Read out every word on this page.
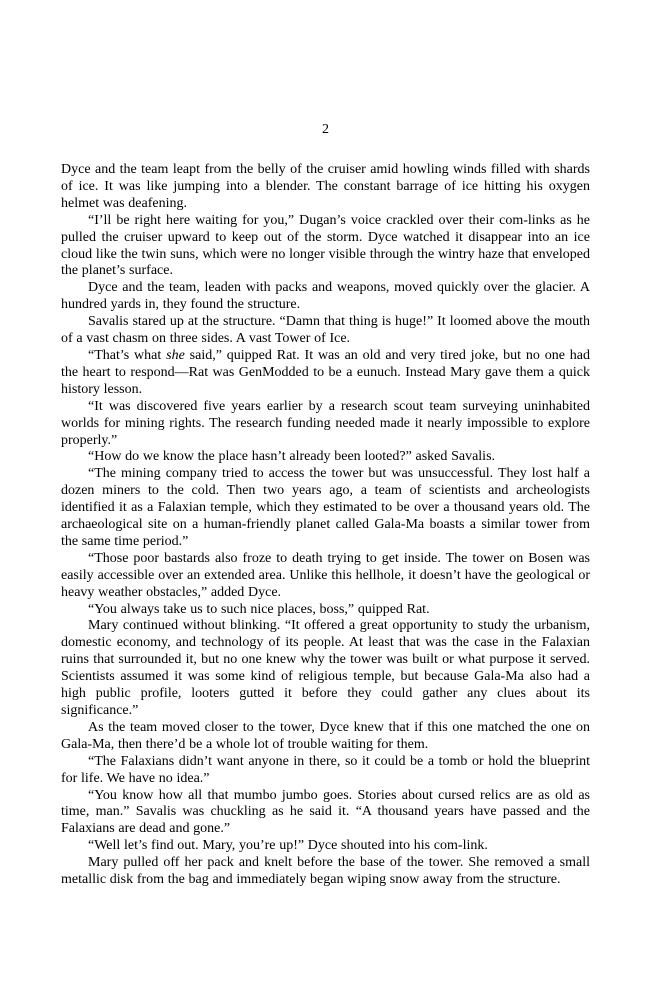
2

Dyce and the team leapt from the belly of the cruiser amid howling winds filled with shards of ice. It was like jumping into a blender. The constant barrage of ice hitting his oxygen helmet was deafening.

“I’ll be right here waiting for you,” Dugan’s voice crackled over their com-links as he pulled the cruiser upward to keep out of the storm. Dyce watched it disappear into an ice cloud like the twin suns, which were no longer visible through the wintry haze that enveloped the planet’s surface.

Dyce and the team, leaden with packs and weapons, moved quickly over the glacier. A hundred yards in, they found the structure.

Savalis stared up at the structure. “Damn that thing is huge!” It loomed above the mouth of a vast chasm on three sides. A vast Tower of Ice.

“That’s what she said,” quipped Rat. It was an old and very tired joke, but no one had the heart to respond—Rat was GenModded to be a eunuch. Instead Mary gave them a quick history lesson.

“It was discovered five years earlier by a research scout team surveying uninhabited worlds for mining rights. The research funding needed made it nearly impossible to explore properly.”

“How do we know the place hasn’t already been looted?” asked Savalis.

“The mining company tried to access the tower but was unsuccessful. They lost half a dozen miners to the cold. Then two years ago, a team of scientists and archeologists identified it as a Falaxian temple, which they estimated to be over a thousand years old. The archaeological site on a human-friendly planet called Gala-Ma boasts a similar tower from the same time period.”

“Those poor bastards also froze to death trying to get inside. The tower on Bosen was easily accessible over an extended area. Unlike this hellhole, it doesn’t have the geological or heavy weather obstacles,” added Dyce.

“You always take us to such nice places, boss,” quipped Rat.

Mary continued without blinking. “It offered a great opportunity to study the urbanism, domestic economy, and technology of its people. At least that was the case in the Falaxian ruins that surrounded it, but no one knew why the tower was built or what purpose it served. Scientists assumed it was some kind of religious temple, but because Gala-Ma also had a high public profile, looters gutted it before they could gather any clues about its significance.”

As the team moved closer to the tower, Dyce knew that if this one matched the one on Gala-Ma, then there’d be a whole lot of trouble waiting for them.

“The Falaxians didn’t want anyone in there, so it could be a tomb or hold the blueprint for life. We have no idea.”

“You know how all that mumbo jumbo goes. Stories about cursed relics are as old as time, man.” Savalis was chuckling as he said it. “A thousand years have passed and the Falaxians are dead and gone.”

“Well let’s find out. Mary, you’re up!” Dyce shouted into his com-link.

Mary pulled off her pack and knelt before the base of the tower. She removed a small metallic disk from the bag and immediately began wiping snow away from the structure.
